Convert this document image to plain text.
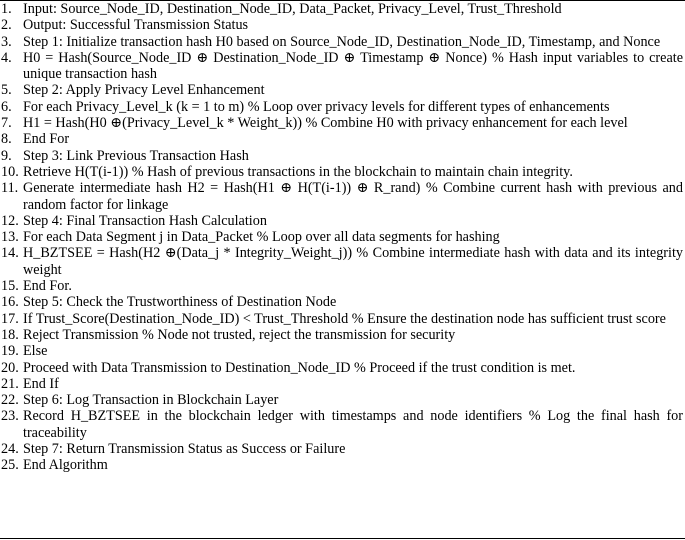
1. Input: Source_Node_ID, Destination_Node_ID, Data_Packet, Privacy_Level, Trust_Threshold
2. Output: Successful Transmission Status
3. Step 1: Initialize transaction hash H0 based on Source_Node_ID, Destination_Node_ID, Timestamp, and Nonce
4. H0 = Hash(Source_Node_ID ⊕ Destination_Node_ID ⊕ Timestamp ⊕ Nonce) % Hash input variables to create unique transaction hash
5. Step 2: Apply Privacy Level Enhancement
6. For each Privacy_Level_k (k = 1 to m) % Loop over privacy levels for different types of enhancements
7. H1 = Hash(H0 ⊕(Privacy_Level_k * Weight_k)) % Combine H0 with privacy enhancement for each level
8. End For
9. Step 3: Link Previous Transaction Hash
10. Retrieve H(T(i-1)) % Hash of previous transactions in the blockchain to maintain chain integrity.
11. Generate intermediate hash H2 = Hash(H1 ⊕ H(T(i-1)) ⊕ R_rand) % Combine current hash with previous and random factor for linkage
12. Step 4: Final Transaction Hash Calculation
13. For each Data Segment j in Data_Packet % Loop over all data segments for hashing
14. H_BZTSEE = Hash(H2 ⊕(Data_j * Integrity_Weight_j)) % Combine intermediate hash with data and its integrity weight
15. End For.
16. Step 5: Check the Trustworthiness of Destination Node
17. If Trust_Score(Destination_Node_ID) < Trust_Threshold % Ensure the destination node has sufficient trust score
18. Reject Transmission % Node not trusted, reject the transmission for security
19. Else
20. Proceed with Data Transmission to Destination_Node_ID % Proceed if the trust condition is met.
21. End If
22. Step 6: Log Transaction in Blockchain Layer
23. Record H_BZTSEE in the blockchain ledger with timestamps and node identifiers % Log the final hash for traceability
24. Step 7: Return Transmission Status as Success or Failure
25. End Algorithm
